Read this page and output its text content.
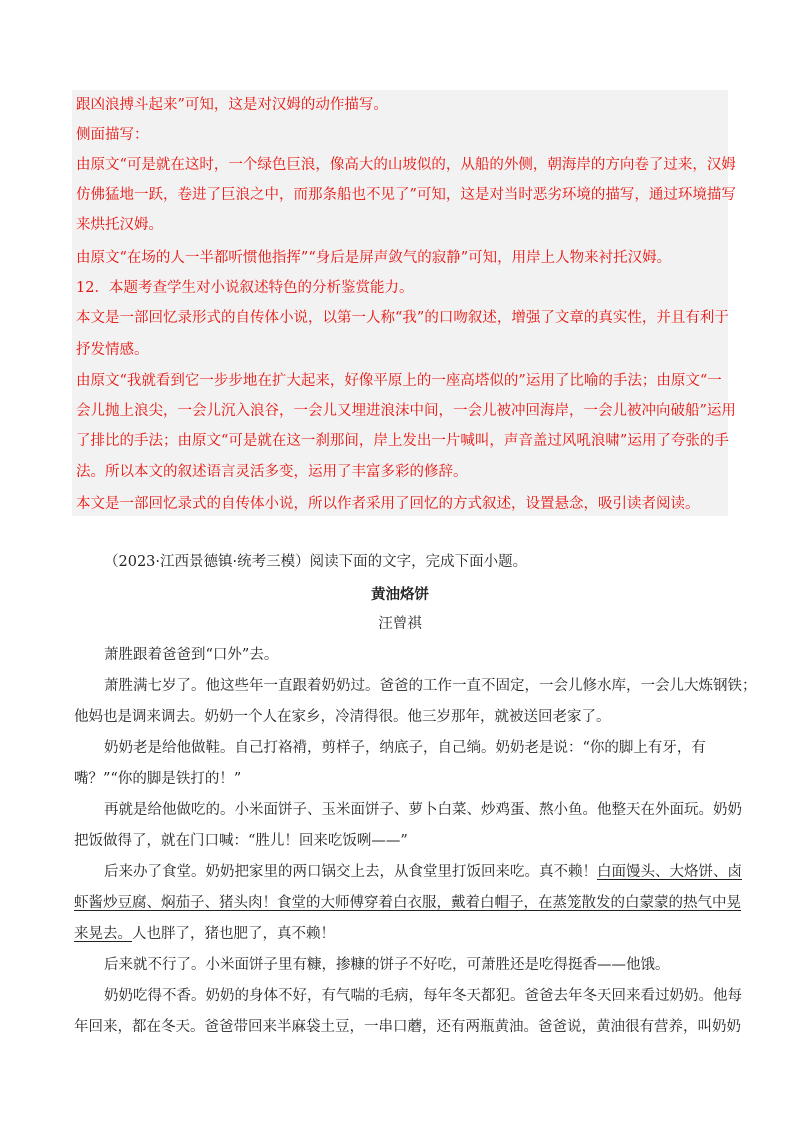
跟凶浪搏斗起来”可知，这是对汉姆的动作描写。
侧面描写：
由原文“可是就在这时，一个绿色巨浪，像高大的山坡似的，从船的外侧，朝海岸的方向卷了过来，汉姆
仿佛猛地一跃，卷进了巨浪之中，而那条船也不见了”可知，这是对当时恶劣环境的描写，通过环境描写
来烘托汉姆。
由原文“在场的人一半都听惯他指挥”“身后是屏声敛气的寂静”可知，用岸上人物来衬托汉姆。
12．本题考查学生对小说叙述特色的分析鉴赏能力。
本文是一部回忆录形式的自传体小说，以第一人称“我”的口吻叙述，增强了文章的真实性，并且有利于
抒发情感。
由原文“我就看到它一步步地在扩大起来，好像平原上的一座高塔似的”运用了比喻的手法；由原文“一
会儿抛上浪尖，一会儿沉入浪谷，一会儿又埋进浪沫中间，一会儿被冲回海岸，一会儿被冲向破船”运用
了排比的手法；由原文“可是就在这一刹那间，岸上发出一片喊叫，声音盖过风吼浪啸”运用了夸张的手
法。所以本文的叙述语言灵活多变，运用了丰富多彩的修辞。
本文是一部回忆录式的自传体小说，所以作者采用了回忆的方式叙述，设置悬念，吸引读者阅读。
（2023·江西景德镇·统考三模）阅读下面的文字，完成下面小题。
黄油烙饼
汪曾祺
萧胜跟着爸爸到“口外”去。
萧胜满七岁了。他这些年一直跟着奶奶过。爸爸的工作一直不固定，一会儿修水库，一会儿大炼钢铁；
他妈也是调来调去。奶奶一个人在家乡，冷清得很。他三岁那年，就被送回老家了。
奶奶老是给他做鞋。自己打袼褙，剪样子，纳底子，自己绱。奶奶老是说：“你的脚上有牙，有
嘴？”“你的脚是铁打的！”
再就是给他做吃的。小米面饼子、玉米面饼子、萝卜白菜、炒鸡蛋、熬小鱼。他整天在外面玩。奶奶
把饭做得了，就在门口喊：“胜儿！回来吃饭咧——”
后来办了食堂。奶奶把家里的两口锅交上去，从食堂里打饭回来吃。真不赖！白面馒头、大烙饼、卤
虾酱炒豆腐、焖茄子、猪头肉！食堂的大师傅穿着白衣服，戴着白帽子，在蒸笼散发的白蒙蒙的热气中晃
来晃去。人也胖了，猪也肥了，真不赖！
后来就不行了。小米面饼子里有糠，掺糠的饼子不好吃，可萧胜还是吃得挺香——他饿。
奶奶吃得不香。奶奶的身体不好，有气喘的毛病，每年冬天都犯。爸爸去年冬天回来看过奶奶。他每
年回来，都在冬天。爸爸带回来半麻袋土豆，一串口蘑，还有两瓶黄油。爸爸说，黄油很有营养，叫奶奶
